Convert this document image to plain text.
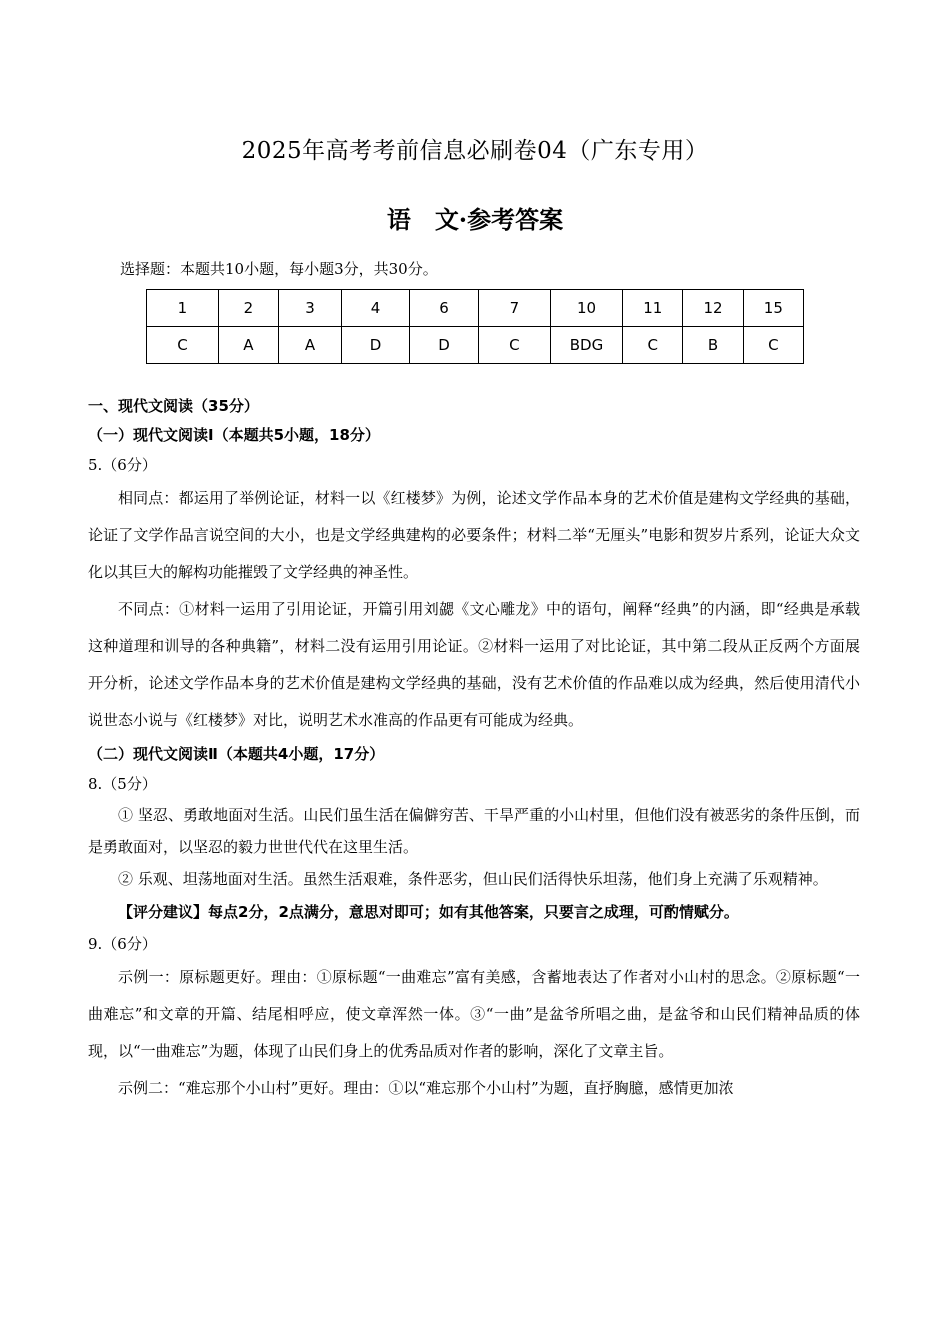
2025年高考考前信息必刷卷04（广东专用）
语 文·参考答案
选择题：本题共10小题，每小题3分，共30分。
1	2	3	4	6	7	10	11	12	15
C	A	A	D	D	C	BDG	C	B	C
一、现代文阅读（35分）
（一）现代文阅读Ⅰ（本题共5小题，18分）
5.（6分）

相同点：都运用了举例论证，材料一以《红楼梦》为例，论述文学作品本身的艺术价值是建构文学经典的基础，论证了文学作品言说空间的大小，也是文学经典建构的必要条件；材料二举“无厘头”电影和贺岁片系列，论证大众文化以其巨大的解构功能摧毁了文学经典的神圣性。

不同点：①材料一运用了引用论证，开篇引用刘勰《文心雕龙》中的语句，阐释“经典”的内涵，即“经典是承载这种道理和训导的各种典籍”，材料二没有运用引用论证。②材料一运用了对比论证，其中第二段从正反两个方面展开分析，论述文学作品本身的艺术价值是建构文学经典的基础，没有艺术价值的作品难以成为经典，然后使用清代小说世态小说与《红楼梦》对比，说明艺术水准高的作品更有可能成为经典。

（二）现代文阅读Ⅱ（本题共4小题，17分）
8.（5分）

① 坚忍、勇敢地面对生活。山民们虽生活在偏僻穷苦、干旱严重的小山村里，但他们没有被恶劣的条件压倒，而是勇敢面对，以坚忍的毅力世世代代在这里生活。

② 乐观、坦荡地面对生活。虽然生活艰难，条件恶劣，但山民们活得快乐坦荡，他们身上充满了乐观精神。

【评分建议】每点2分，2点满分，意思对即可；如有其他答案，只要言之成理，可酌情赋分。
9.（6分）

示例一：原标题更好。理由：①原标题“一曲难忘”富有美感，含蓄地表达了作者对小山村的思念。②原标题“一曲难忘”和文章的开篇、结尾相呼应，使文章浑然一体。③“一曲”是盆爷所唱之曲，是盆爷和山民们精神品质的体现，以“一曲难忘”为题，体现了山民们身上的优秀品质对作者的影响，深化了文章主旨。

示例二：“难忘那个小山村”更好。理由：①以“难忘那个小山村”为题，直抒胸臆，感情更加浓
